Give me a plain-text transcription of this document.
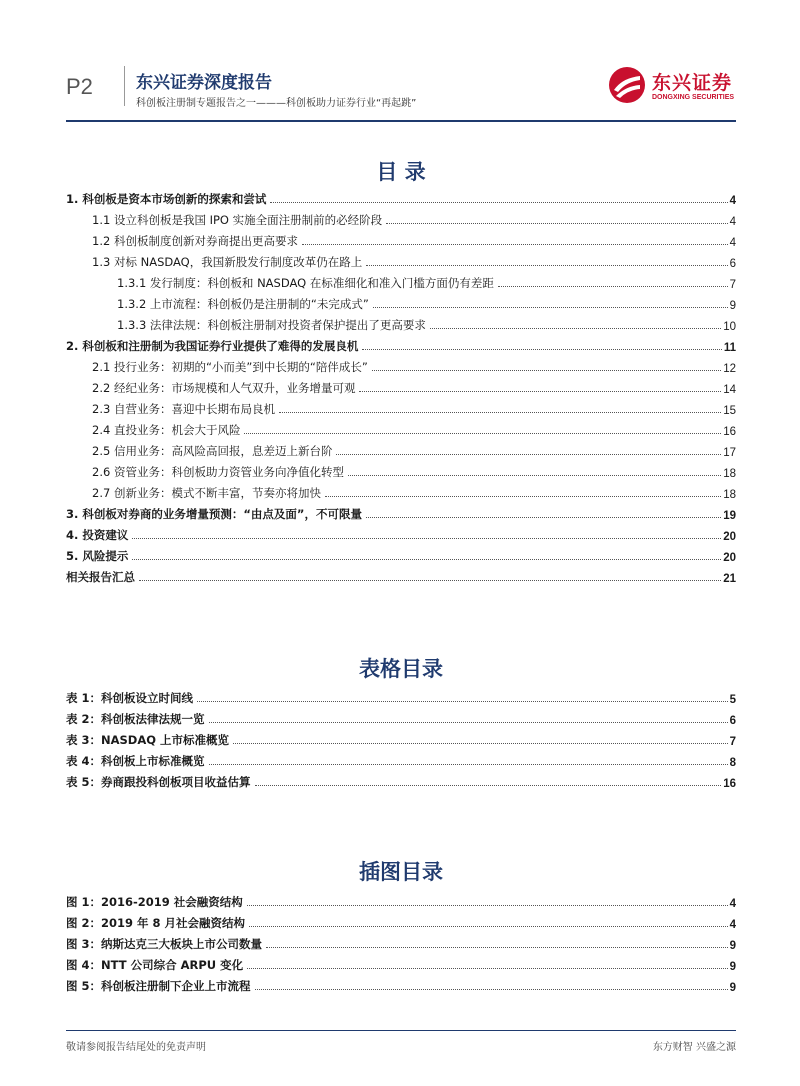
P2	东兴证券深度报告
科创板注册制专题报告之一———科创板助力证券行业“再起跳”
东兴证券
DONGXING SECURITIES
目 录
1. 科创板是资本市场创新的探索和尝试	4
1.1 设立科创板是我国 IPO 实施全面注册制前的必经阶段	4
1.2 科创板制度创新对券商提出更高要求	4
1.3 对标 NASDAQ，我国新股发行制度改革仍在路上	6
1.3.1 发行制度：科创板和 NASDAQ 在标准细化和准入门槛方面仍有差距	7
1.3.2 上市流程：科创板仍是注册制的“未完成式”	9
1.3.3 法律法规：科创板注册制对投资者保护提出了更高要求	10
2. 科创板和注册制为我国证券行业提供了难得的发展良机	11
2.1 投行业务：初期的“小而美”到中长期的“陪伴成长”	12
2.2 经纪业务：市场规模和人气双升，业务增量可观	14
2.3 自营业务：喜迎中长期布局良机	15
2.4 直投业务：机会大于风险	16
2.5 信用业务：高风险高回报，息差迈上新台阶	17
2.6 资管业务：科创板助力资管业务向净值化转型	18
2.7 创新业务：模式不断丰富，节奏亦将加快	18
3. 科创板对券商的业务增量预测：“由点及面”，不可限量	19
4. 投资建议	20
5. 风险提示	20
相关报告汇总	21
表格目录
表 1：科创板设立时间线	5
表 2：科创板法律法规一览	6
表 3：NASDAQ 上市标准概览	7
表 4：科创板上市标准概览	8
表 5：券商跟投科创板项目收益估算	16
插图目录
图 1：2016-2019 社会融资结构	4
图 2：2019 年 8 月社会融资结构	4
图 3：纳斯达克三大板块上市公司数量	9
图 4：NTT 公司综合 ARPU 变化	9
图 5：科创板注册制下企业上市流程	9
敬请参阅报告结尾处的免责声明	东方财智 兴盛之源
